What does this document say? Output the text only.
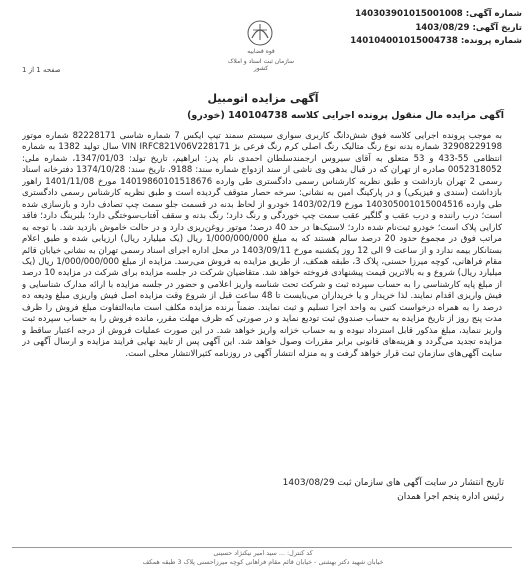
شماره آگهی:
140303901015001008
تاریخ آگهی:
1403/08/29
شماره پرونده:
140104001015004738
قوه قضاییه
سازمان ثبت اسناد و املاک کشور
صفحه 1 از 1
آگهی مزایده اتومبیل
آگهی مزایده مال منقول پرونده اجرایی کلاسه 140104738 (خودرو)

به موجب پرونده اجرایی کلاسه فوق شش‌دانگ کاربری سواری سیستم سمند تیپ ایکس 7 شماره شاسی 82228171 شماره موتور 32908229198 شماره بدنه نوع رنگ متالیک رنگ اصلی کرم رنگ فرعی بژ VIN IRFC821V06V228171 سال تولید 1382 به شماره انتظامی 55-433 و 53 متعلق به آقای سیروس ارجمندسلطان احمدی نام پدر: ابراهیم، تاریخ تولد: 1347/01/03، شماره ملی: 0052318052 صادره از تهران که در قبال بدهی وی ناشی از سند ازدواج شماره سند: 9188، تاریخ سند: 1374/10/28 دفترخانه اسناد رسمی 2 تهران بازداشت و طبق نظریه کارشناس رسمی دادگستری طی وارده 14019860101518676 مورخ 1401/11/08 راهور بازداشت (سندی و فیزیکی) و در پارکینگ امین به نشانی: سرخه حصار متوقف گردیده است و طبق نظریه کارشناس رسمی دادگستری طی وارده 140305001015004516 مورخ 1403/02/19 خودرو از لحاظ بدنه در قسمت جلو سمت چپ تصادف دارد و بازسازی شده است؛ درب راننده و درب عقب و گلگیر عقب سمت چپ خوردگی و رنگ دارد؛ رنگ بدنه و سقف آفتاب‌سوختگی دارد؛ بلبرینگ دارد؛ فاقد کارایی پلاک است؛ خودرو ثبت‌نام شده دارد؛ لاستیک‌ها در حد 40 درصد؛ موتور روغن‌ریزی دارد و در حالت خاموش بازدید شد. با توجه به مراتب فوق در مجموع حدود 20 درصد سالم هستند که به مبلغ 1/000/000/000 ریال (یک میلیارد ریال) ارزیابی شده و طبق اعلام بستانکار بیمه ندارد و از ساعت 9 الی 12 روز یکشنبه مورخ 1403/09/11 در محل اداره اجرای اسناد رسمی تهران به نشانی خیابان قائم مقام فراهانی، کوچه میرزا حسنی، پلاک 3، طبقه همکف، از طریق مزایده به فروش می‌رسد. مزایده از مبلغ 1/000/000/000 ریال (یک میلیارد ریال) شروع و به بالاترین قیمت پیشنهادی فروخته خواهد شد. متقاضیان شرکت در جلسه مزایده برای شرکت در مزایده 10 درصد از مبلغ پایه کارشناسی را به حساب سپرده ثبت و شرکت تحت شناسه واریز اعلامی و حضور در جلسه مزایده با ارائه مدارک شناسایی و فیش واریزی اقدام نمایند. لذا خریدار و یا خریداران می‌بایست تا 48 ساعت قبل از شروع وقت مزایده اصل فیش واریزی مبلغ ودیعه ده درصد را به همراه درخواست کتبی به واحد اجرا تسلیم و ثبت نمایند. ضمناً برنده مزایده مکلف است مابه‌التفاوت مبلغ فروش را ظرف مدت پنج روز از تاریخ مزایده به حساب صندوق ثبت تودیع نماید و در صورتی که ظرف مهلت مقرر، مانده فروش را به حساب سپرده ثبت واریز ننماید، مبلغ مذکور قابل استرداد نبوده و به حساب خزانه واریز خواهد شد. در این صورت عملیات فروش از درجه اعتبار ساقط و مزایده تجدید می‌گردد و هزینه‌های قانونی برابر مقررات وصول خواهد شد. این آگهی پس از تایید نهایی فرایند مزایده و ارسال آگهی در سایت آگهی‌های سازمان ثبت قرار خواهد گرفت و به منزله انتشار آگهی در روزنامه کثیرالانتشار محلی است.

تاریخ انتشار در سایت آگهی های سازمان ثبت 1403/08/29
رئیس اداره پنجم اجرا همدان
کد کنترل: ... سید امیر نیکنژاد حسینی
خیابان شهید دکتر بهشتی - خیابان قائم مقام فراهانی کوچه میرزاحسنی پلاک 3 طبقه همکف
